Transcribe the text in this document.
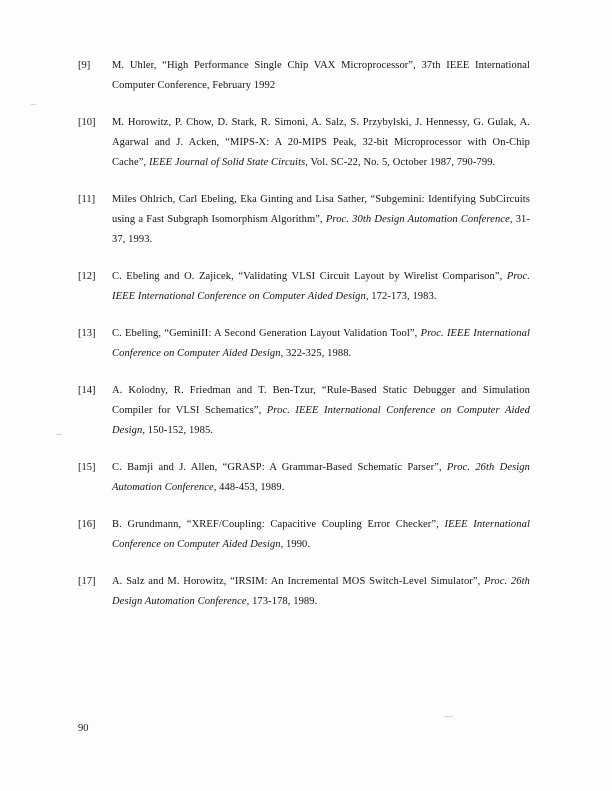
[9]	M. Uhler, “High Performance Single Chip VAX Microprocessor”, 37th IEEE International Computer Conference, February 1992
[10]	M. Horowitz, P. Chow, D. Stark, R. Simoni, A. Salz, S. Przybylski, J. Hennessy, G. Gulak, A. Agarwal and J. Acken, “MIPS-X: A 20-MIPS Peak, 32-bit Microprocessor with On-Chip Cache”, IEEE Journal of Solid State Circuits, Vol. SC-22, No. 5, October 1987, 790-799.
[11]	Miles Ohlrich, Carl Ebeling, Eka Ginting and Lisa Sather, “Subgemini: Identifying SubCircuits using a Fast Subgraph Isomorphism Algorithm”, Proc. 30th Design Automation Conference, 31-37, 1993.
[12]	C. Ebeling and O. Zajicek, “Validating VLSI Circuit Layout by Wirelist Comparison”, Proc. IEEE International Conference on Computer Aided Design, 172-173, 1983.
[13]	C. Ebeling, “GeminiII: A Second Generation Layout Validation Tool”, Proc. IEEE International Conference on Computer Aided Design, 322-325, 1988.
[14]	A. Kolodny, R. Friedman and T. Ben-Tzur, “Rule-Based Static Debugger and Simulation Compiler for VLSI Schematics”, Proc. IEEE International Conference on Computer Aided Design, 150-152, 1985.
[15]	C. Bamji and J. Allen, “GRASP: A Grammar-Based Schematic Parser”, Proc. 26th Design Automation Conference, 448-453, 1989.
[16]	B. Grundmann, “XREF/Coupling: Capacitive Coupling Error Checker”, IEEE International Conference on Computer Aided Design, 1990.
[17]	A. Salz and M. Horowitz, “IRSIM: An Incremental MOS Switch-Level Simulator”, Proc. 26th Design Automation Conference, 173-178, 1989.
90
